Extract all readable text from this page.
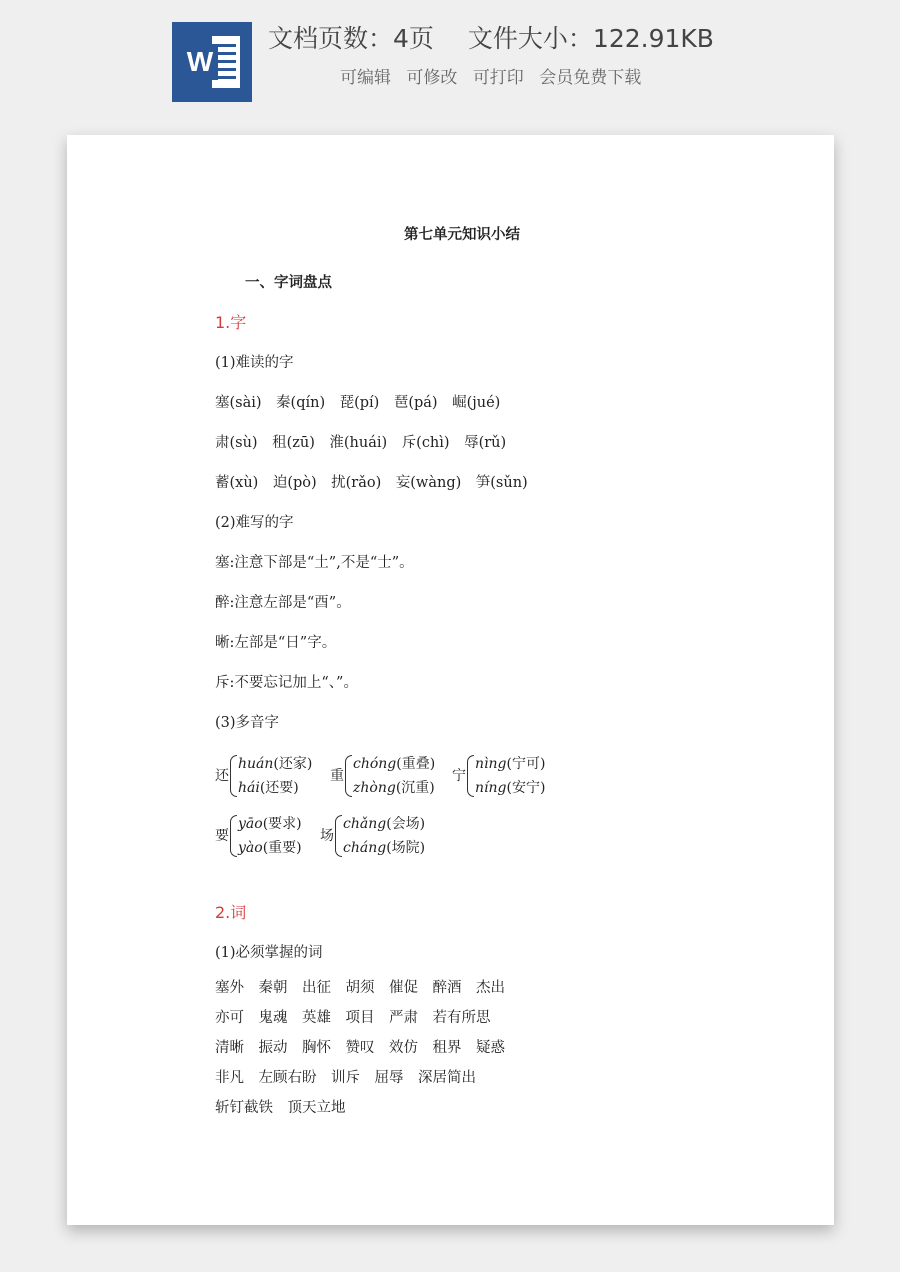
W
文档页数：4页 文件大小：122.91KB
可编辑 可修改 可打印 会员免费下载
第七单元知识小结
一、字词盘点
1.字
(1)难读的字
塞(sài)　秦(qín)　琵(pí)　琶(pá)　崛(jué)
肃(sù)　租(zū)　淮(huái)　斥(chì)　辱(rǔ)
蓄(xù)　迫(pò)　扰(rǎo)　妄(wàng)　笋(sǔn)
(2)难写的字
塞:注意下部是“土”,不是“士”。
醉:注意左部是“酉”。
晰:左部是“日”字。
斥:不要忘记加上“、”。
(3)多音字
还
huán(还家)
hái(还要)
重
chóng(重叠)
zhòng(沉重)
宁
nìng(宁可)
níng(安宁)
要
yāo(要求)
yào(重要)
场
chǎng(会场)
cháng(场院)
2.词
(1)必须掌握的词
塞外　秦朝　出征　胡须　催促　醉酒　杰出
亦可　鬼魂　英雄　项目　严肃　若有所思
清晰　振动　胸怀　赞叹　效仿　租界　疑惑
非凡　左顾右盼　训斥　屈辱　深居简出
斩钉截铁　顶天立地
